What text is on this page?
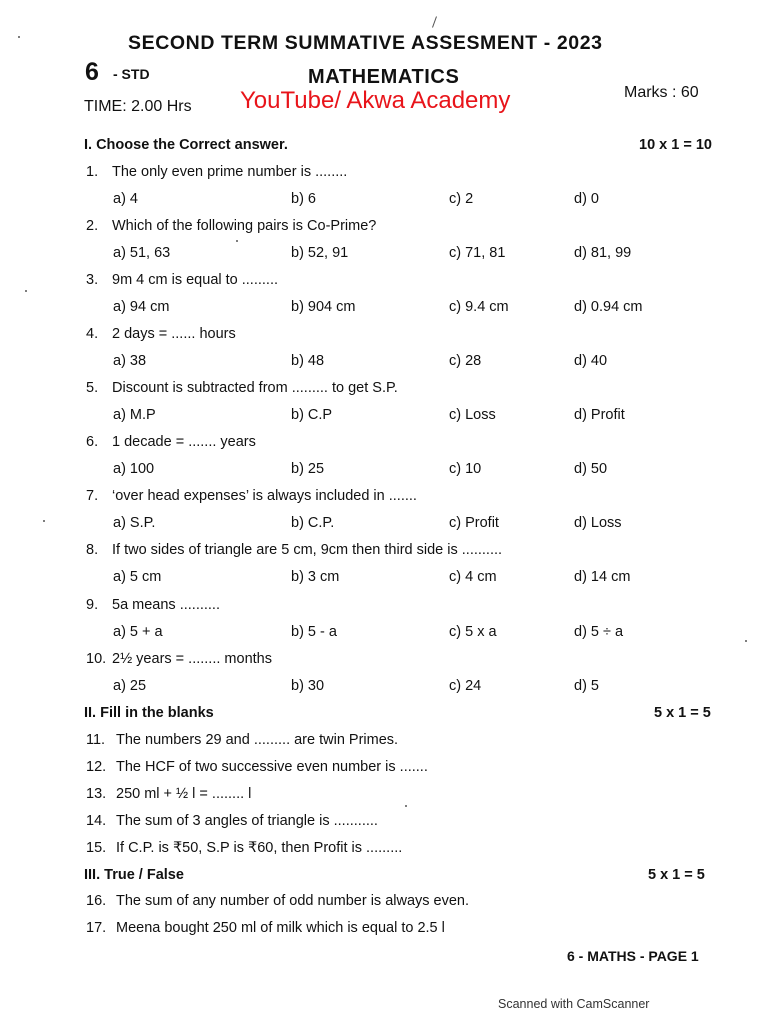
SECOND TERM SUMMATIVE ASSESMENT - 2023
6 - STD	MATHEMATICS
TIME: 2.00 Hrs YouTube/ Akwa Academy	Marks : 60
I. Choose the Correct answer.	10 x 1 = 10
1. The only even prime number is ........
a) 4	b) 6	c) 2	d) 0
2. Which of the following pairs is Co-Prime?
a) 51, 63	b) 52, 91	c) 71, 81	d) 81, 99
3. 9m 4 cm is equal to .........
a) 94 cm	b) 904 cm	c) 9.4 cm	d) 0.94 cm
4. 2 days = ...... hours
a) 38	b) 48	c) 28	d) 40
5. Discount is subtracted from ......... to get S.P.
a) M.P	b) C.P	c) Loss	d) Profit
6. 1 decade = ....... years
a) 100	b) 25	c) 10	d) 50
7. ‘over head expenses’ is always included in .......
a) S.P.	b) C.P.	c) Profit	d) Loss
8. If two sides of triangle are 5 cm, 9cm then third side is ..........
a) 5 cm	b) 3 cm	c) 4 cm	d) 14 cm
9. 5a means ..........
a) 5 + a	b) 5 - a	c) 5 x a	d) 5 ÷ a
10. 2½ years = ........ months
a) 25	b) 30	c) 24	d) 5
II. Fill in the blanks	5 x 1 = 5
11. The numbers 29 and ......... are twin Primes.
12. The HCF of two successive even number is .......
13. 250 ml + ½ l = ........ l
14. The sum of 3 angles of triangle is ...........
15. If C.P. is ₹50, S.P is ₹60, then Profit is .........
III. True / False	5 x 1 = 5
16. The sum of any number of odd number is always even.
17. Meena bought 250 ml of milk which is equal to 2.5 l
6 - MATHS - PAGE 1
Scanned with CamScanner
